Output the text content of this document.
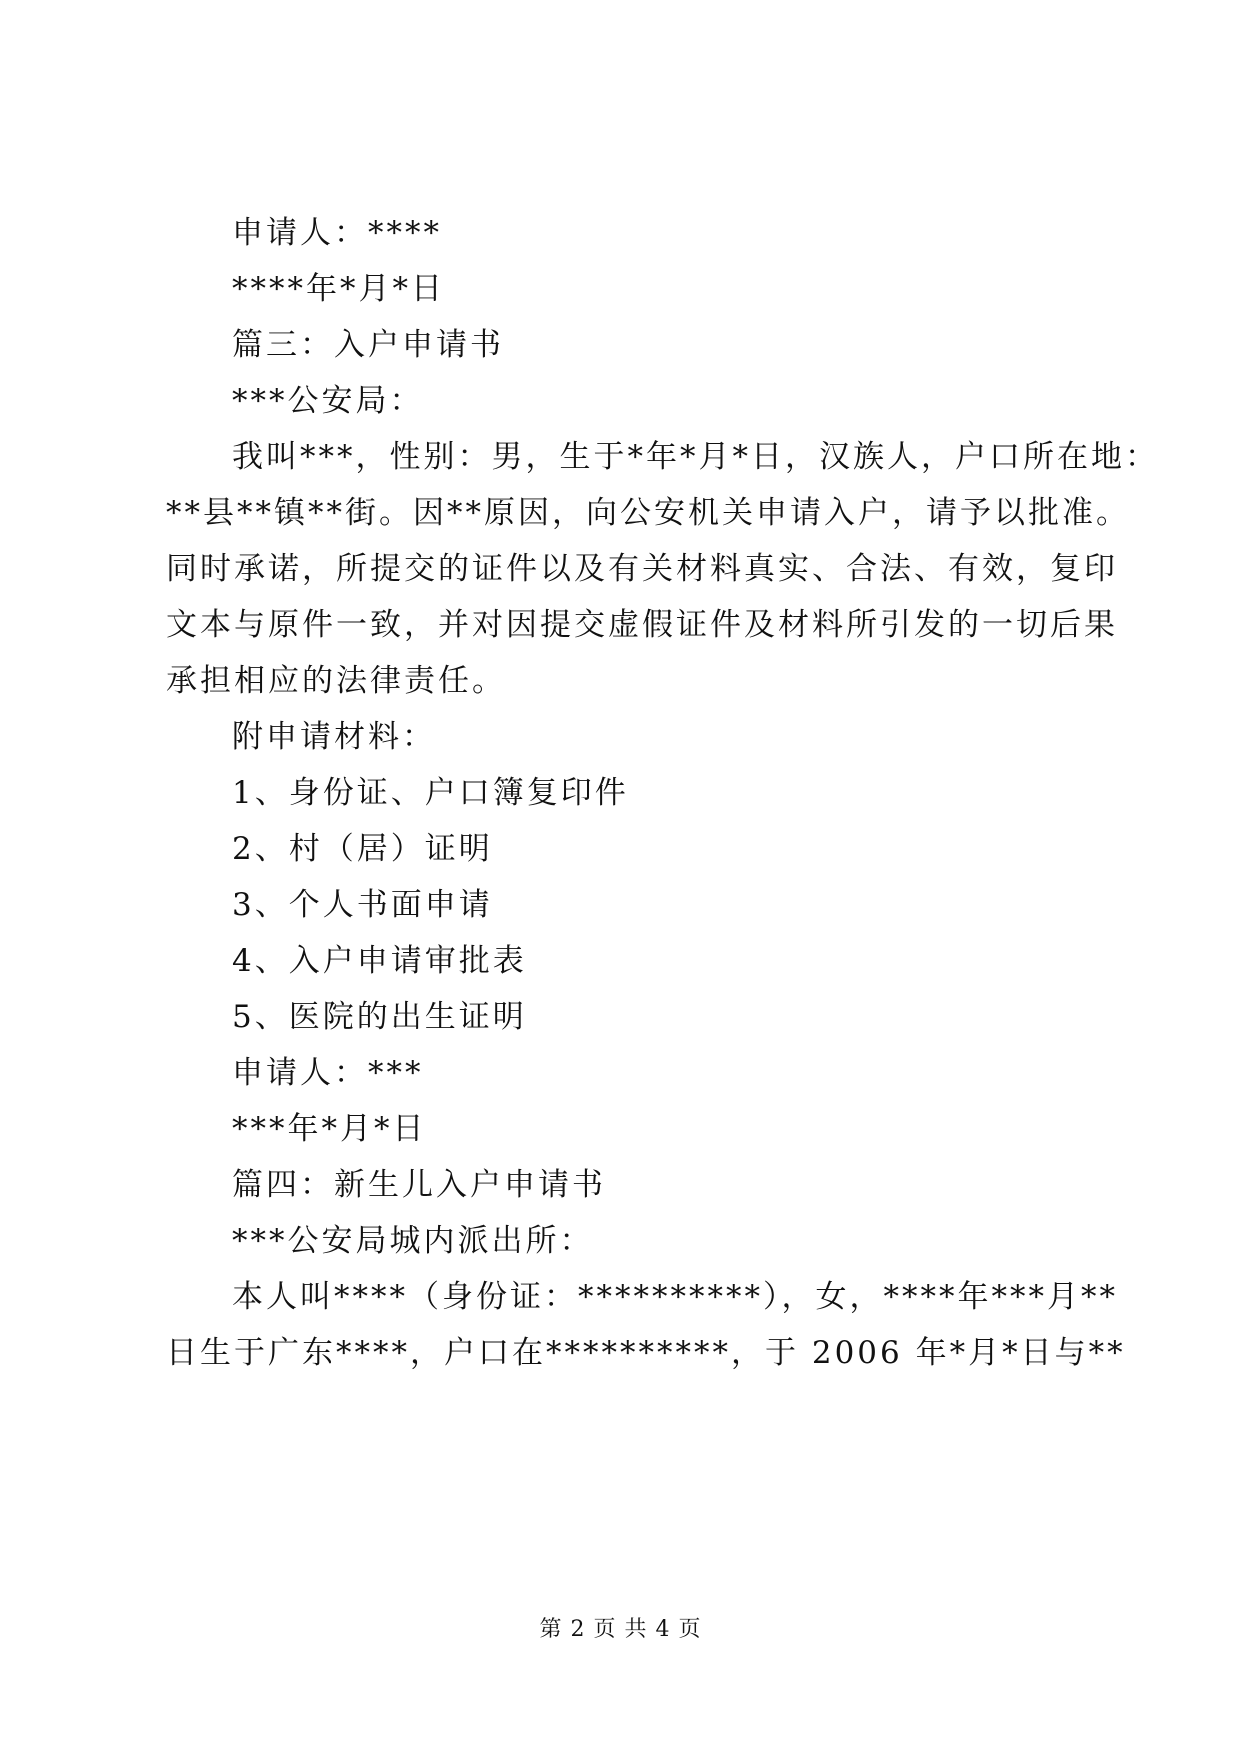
申请人：****
****年*月*日
篇三：入户申请书
***公安局：
我叫***，性别：男，生于*年*月*日，汉族人，户口所在地：
**县**镇**街。因**原因，向公安机关申请入户，请予以批准。
同时承诺，所提交的证件以及有关材料真实、合法、有效，复印
文本与原件一致，并对因提交虚假证件及材料所引发的一切后果
承担相应的法律责任。
附申请材料：
1、身份证、户口簿复印件
2、村（居）证明
3、个人书面申请
4、入户申请审批表
5、医院的出生证明
申请人：***
***年*月*日
篇四：新生儿入户申请书
***公安局城内派出所：
本人叫****（身份证：**********），女，****年***月**
日生于广东****，户口在**********，于 2006 年*月*日与**
第 2 页 共 4 页
